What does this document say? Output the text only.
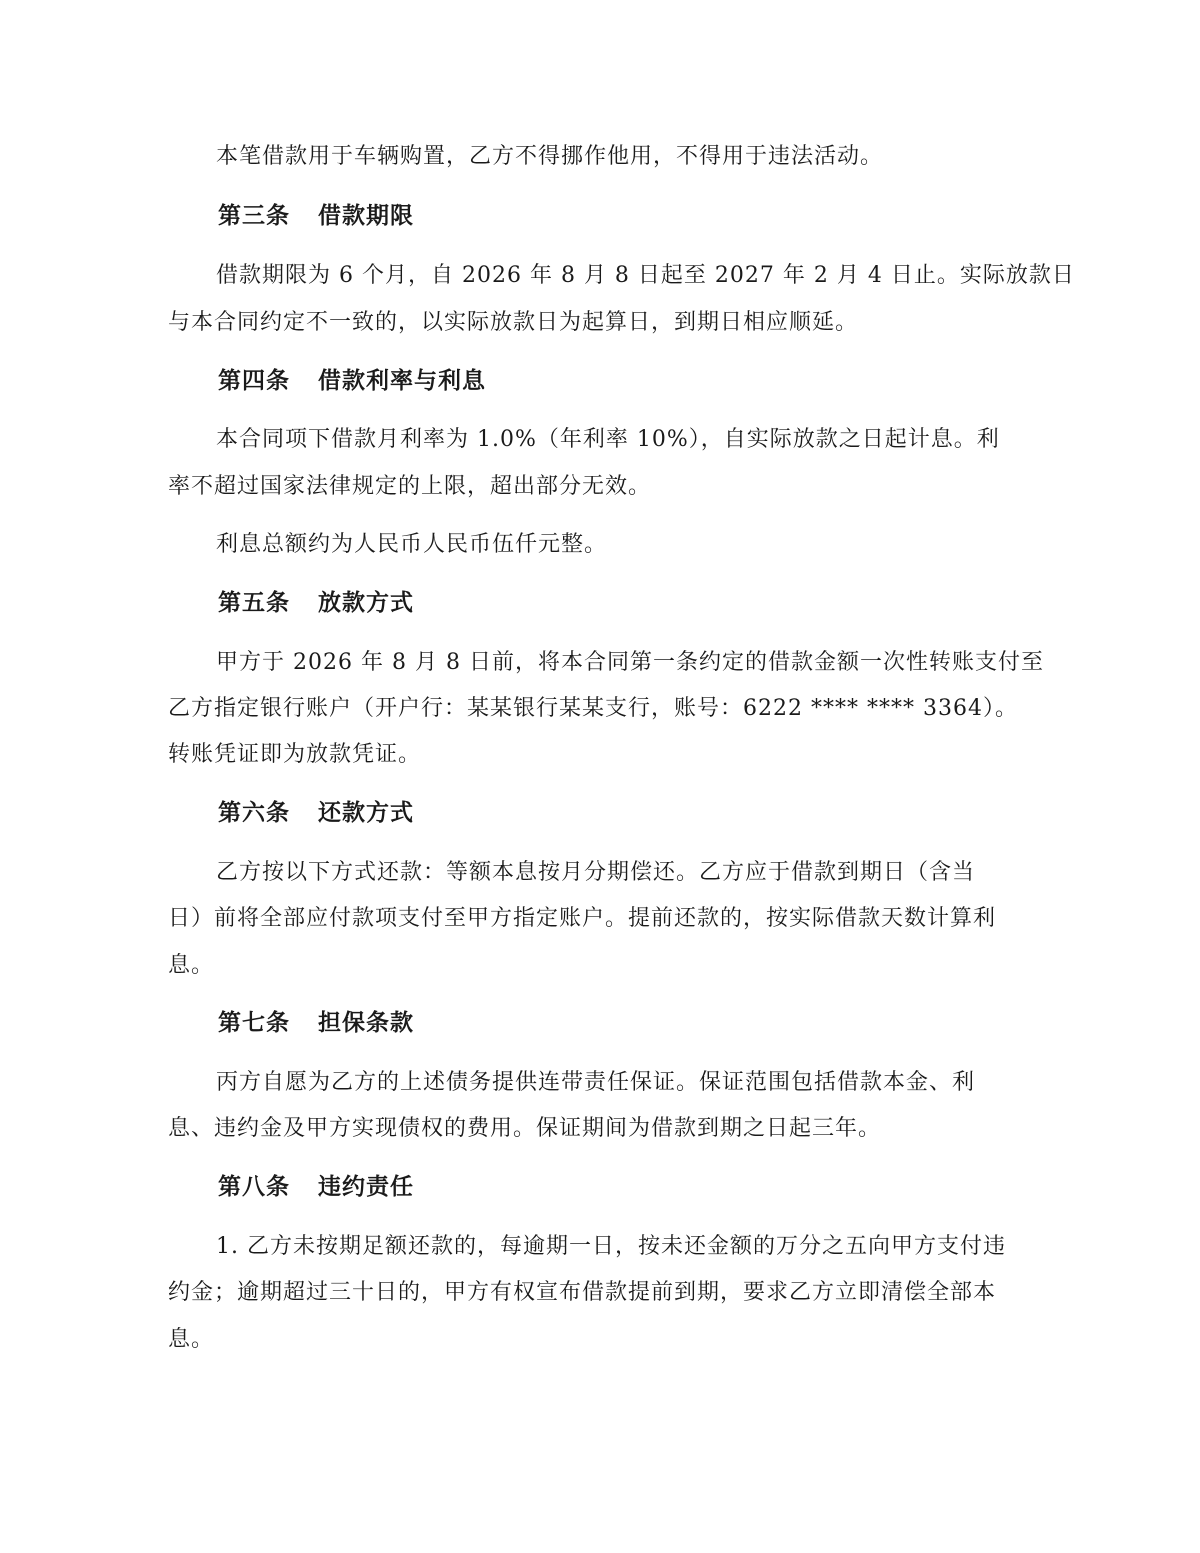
本笔借款用于车辆购置，乙方不得挪作他用，不得用于违法活动。
第三条 借款期限
借款期限为 6 个月，自 2026 年 8 月 8 日起至 2027 年 2 月 4 日止。实际放款日
与本合同约定不一致的，以实际放款日为起算日，到期日相应顺延。
第四条 借款利率与利息
本合同项下借款月利率为 1.0%（年利率 10%），自实际放款之日起计息。利
率不超过国家法律规定的上限，超出部分无效。
利息总额约为人民币人民币伍仟元整。
第五条 放款方式
甲方于 2026 年 8 月 8 日前，将本合同第一条约定的借款金额一次性转账支付至
乙方指定银行账户（开户行：某某银行某某支行，账号：6222 **** **** 3364）。
转账凭证即为放款凭证。
第六条 还款方式
乙方按以下方式还款：等额本息按月分期偿还。乙方应于借款到期日（含当
日）前将全部应付款项支付至甲方指定账户。提前还款的，按实际借款天数计算利
息。
第七条 担保条款
丙方自愿为乙方的上述债务提供连带责任保证。保证范围包括借款本金、利
息、违约金及甲方实现债权的费用。保证期间为借款到期之日起三年。
第八条 违约责任
1. 乙方未按期足额还款的，每逾期一日，按未还金额的万分之五向甲方支付违
约金；逾期超过三十日的，甲方有权宣布借款提前到期，要求乙方立即清偿全部本
息。
